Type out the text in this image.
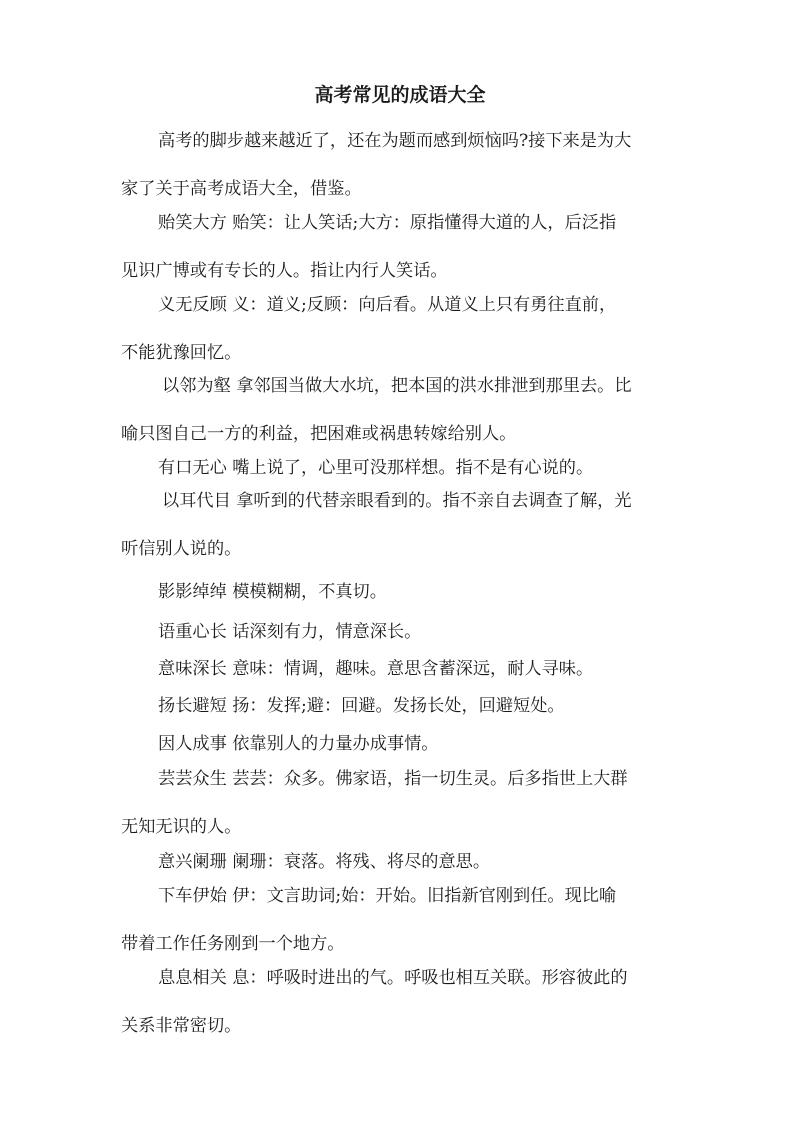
高考常见的成语大全
高考的脚步越来越近了，还在为题而感到烦恼吗?接下来是为大
家了关于高考成语大全，借鉴。
贻笑大方 贻笑：让人笑话;大方：原指懂得大道的人，后泛指
见识广博或有专长的人。指让内行人笑话。
义无反顾 义：道义;反顾：向后看。从道义上只有勇往直前，
不能犹豫回忆。
以邻为壑 拿邻国当做大水坑，把本国的洪水排泄到那里去。比
喻只图自己一方的利益，把困难或祸患转嫁给别人。
有口无心 嘴上说了，心里可没那样想。指不是有心说的。
以耳代目 拿听到的代替亲眼看到的。指不亲自去调查了解，光
听信别人说的。
影影绰绰 模模糊糊，不真切。
语重心长 话深刻有力，情意深长。
意味深长 意味：情调，趣味。意思含蓄深远，耐人寻味。
扬长避短 扬：发挥;避：回避。发扬长处，回避短处。
因人成事 依靠别人的力量办成事情。
芸芸众生 芸芸：众多。佛家语，指一切生灵。后多指世上大群
无知无识的人。
意兴阑珊 阑珊：衰落。将残、将尽的意思。
下车伊始 伊：文言助词;始：开始。旧指新官刚到任。现比喻
带着工作任务刚到一个地方。
息息相关 息：呼吸时进出的气。呼吸也相互关联。形容彼此的
关系非常密切。
